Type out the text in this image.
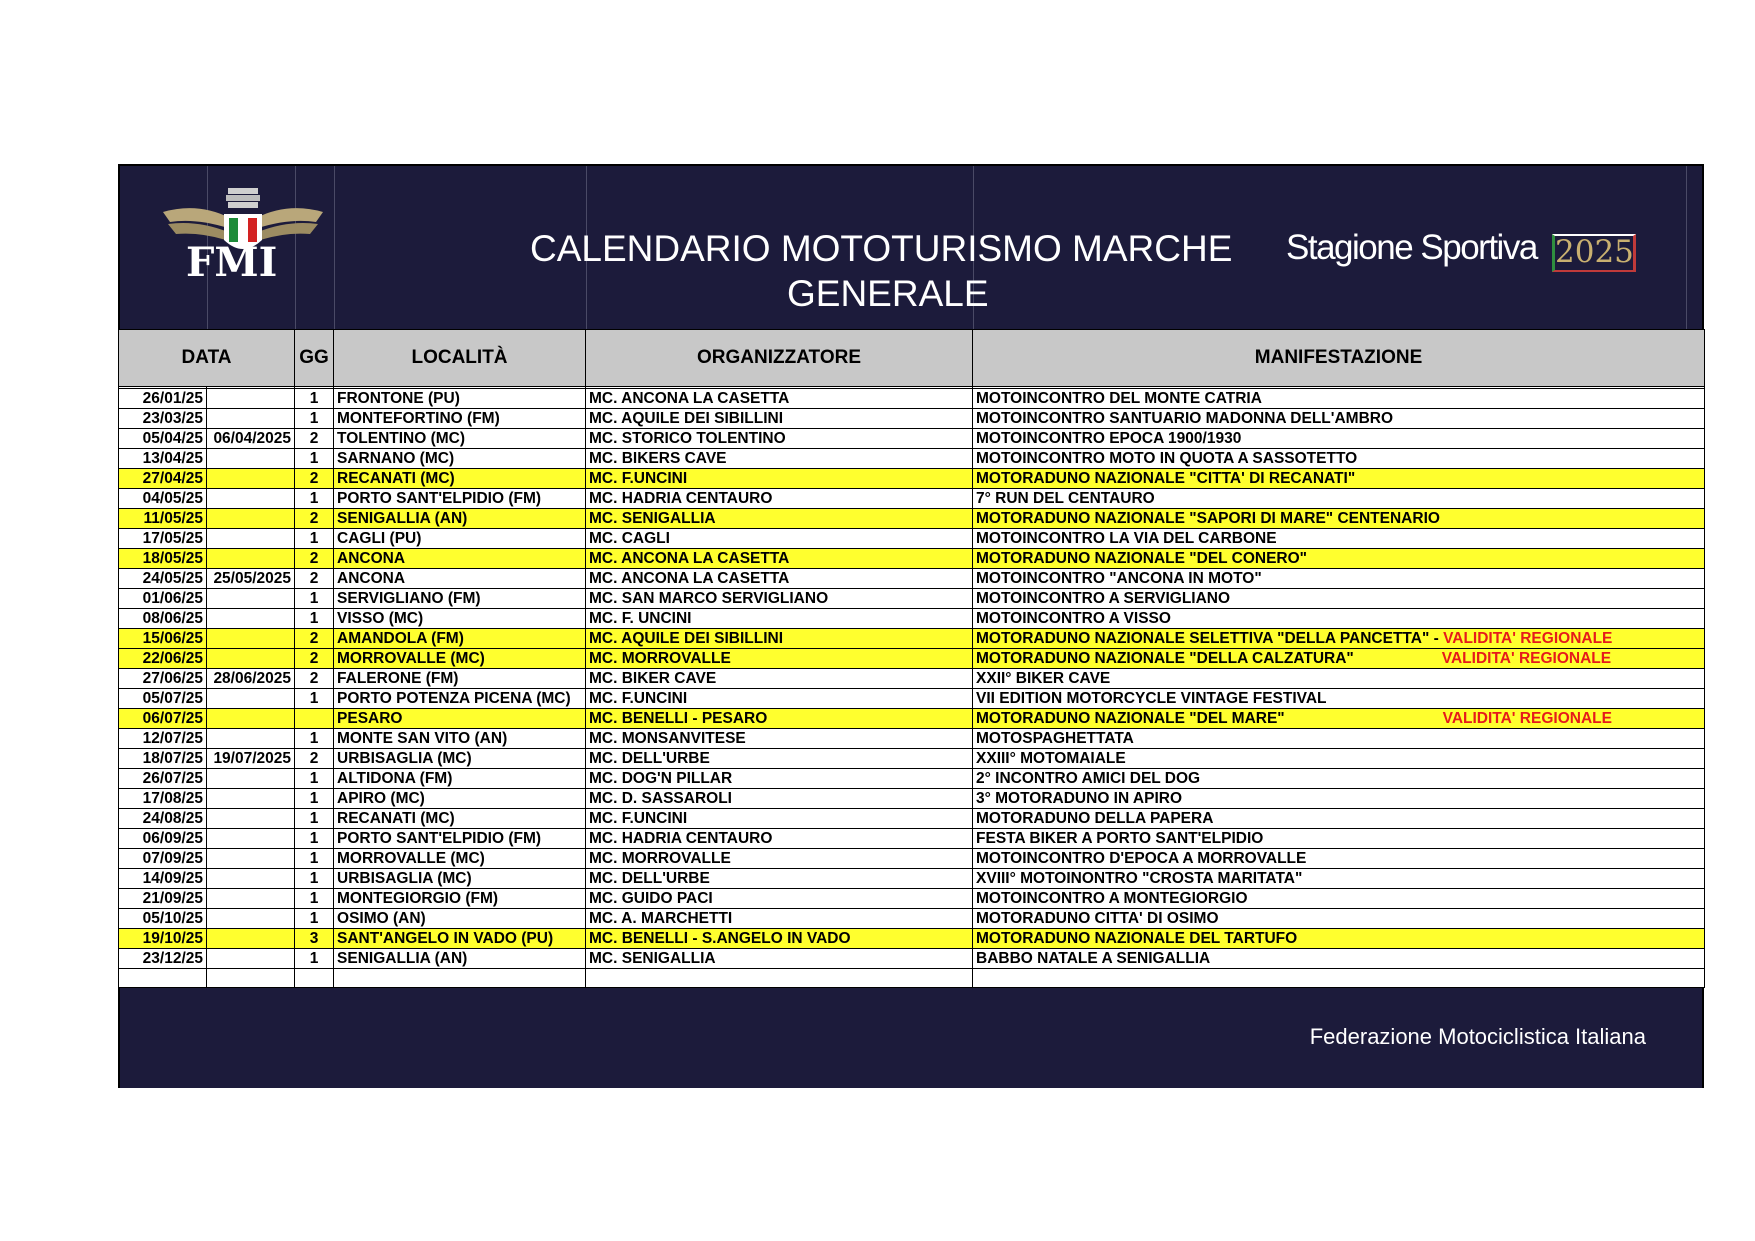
FMI	CALENDARIO MOTOTURISMO MARCHE
GENERALE
Stagione Sportiva 2025
DATA		GG	LOCALITÀ	ORGANIZZATORE	MANIFESTAZIONE

26/01/25		1	FRONTONE (PU)	MC. ANCONA LA CASETTA	MOTOINCONTRO DEL MONTE CATRIA
23/03/25		1	MONTEFORTINO (FM)	MC. AQUILE DEI SIBILLINI	MOTOINCONTRO SANTUARIO MADONNA DELL'AMBRO
05/04/25	06/04/2025	2	TOLENTINO (MC)	MC. STORICO TOLENTINO	MOTOINCONTRO EPOCA 1900/1930
13/04/25		1	SARNANO (MC)	MC. BIKERS CAVE	MOTOINCONTRO MOTO IN QUOTA A SASSOTETTO
27/04/25		2	RECANATI (MC)	MC. F.UNCINI	MOTORADUNO NAZIONALE "CITTA' DI RECANATI"
04/05/25		1	PORTO SANT'ELPIDIO (FM)	MC. HADRIA CENTAURO	7° RUN DEL CENTAURO
11/05/25		2	SENIGALLIA (AN)	MC. SENIGALLIA	MOTORADUNO NAZIONALE "SAPORI DI MARE" CENTENARIO
17/05/25		1	CAGLI (PU)	MC. CAGLI	MOTOINCONTRO LA VIA DEL CARBONE
18/05/25		2	ANCONA	MC. ANCONA LA CASETTA	MOTORADUNO NAZIONALE "DEL CONERO"
24/05/25	25/05/2025	2	ANCONA	MC. ANCONA LA CASETTA	MOTOINCONTRO "ANCONA IN MOTO"
01/06/25		1	SERVIGLIANO (FM)	MC. SAN MARCO SERVIGLIANO	MOTOINCONTRO A SERVIGLIANO
08/06/25		1	VISSO (MC)	MC. F. UNCINI	MOTOINCONTRO A VISSO
15/06/25		2	AMANDOLA (FM)	MC. AQUILE DEI SIBILLINI	MOTORADUNO NAZIONALE SELETTIVA "DELLA PANCETTA" - VALIDITA' REGIONALE
22/06/25		2	MORROVALLE (MC)	MC. MORROVALLE	MOTORADUNO NAZIONALE "DELLA CALZATURA" VALIDITA' REGIONALE
27/06/25	28/06/2025	2	FALERONE (FM)	MC. BIKER CAVE	XXII° BIKER CAVE
05/07/25		1	PORTO POTENZA PICENA (MC)	MC. F.UNCINI	VII EDITION MOTORCYCLE VINTAGE FESTIVAL
06/07/25			PESARO	MC. BENELLI - PESARO	MOTORADUNO NAZIONALE "DEL MARE" VALIDITA' REGIONALE
12/07/25		1	MONTE SAN VITO (AN)	MC. MONSANVITESE	MOTOSPAGHETTATA
18/07/25	19/07/2025	2	URBISAGLIA (MC)	MC. DELL'URBE	XXIII° MOTOMAIALE
26/07/25		1	ALTIDONA (FM)	MC. DOG'N PILLAR	2° INCONTRO AMICI DEL DOG
17/08/25		1	APIRO (MC)	MC. D. SASSAROLI	3° MOTORADUNO IN APIRO
24/08/25		1	RECANATI (MC)	MC. F.UNCINI	MOTORADUNO DELLA PAPERA
06/09/25		1	PORTO SANT'ELPIDIO (FM)	MC. HADRIA CENTAURO	FESTA BIKER A PORTO SANT'ELPIDIO
07/09/25		1	MORROVALLE (MC)	MC. MORROVALLE	MOTOINCONTRO D'EPOCA A MORROVALLE
14/09/25		1	URBISAGLIA (MC)	MC. DELL'URBE	XVIII° MOTOINONTRO "CROSTA MARITATA"
21/09/25		1	MONTEGIORGIO (FM)	MC. GUIDO PACI	MOTOINCONTRO A MONTEGIORGIO
05/10/25		1	OSIMO (AN)	MC. A. MARCHETTI	MOTORADUNO CITTA' DI OSIMO
19/10/25		3	SANT'ANGELO IN VADO (PU)	MC. BENELLI - S.ANGELO IN VADO	MOTORADUNO NAZIONALE DEL TARTUFO
23/12/25		1	SENIGALLIA (AN)	MC. SENIGALLIA	BABBO NATALE A SENIGALLIA

Federazione Motociclistica Italiana
